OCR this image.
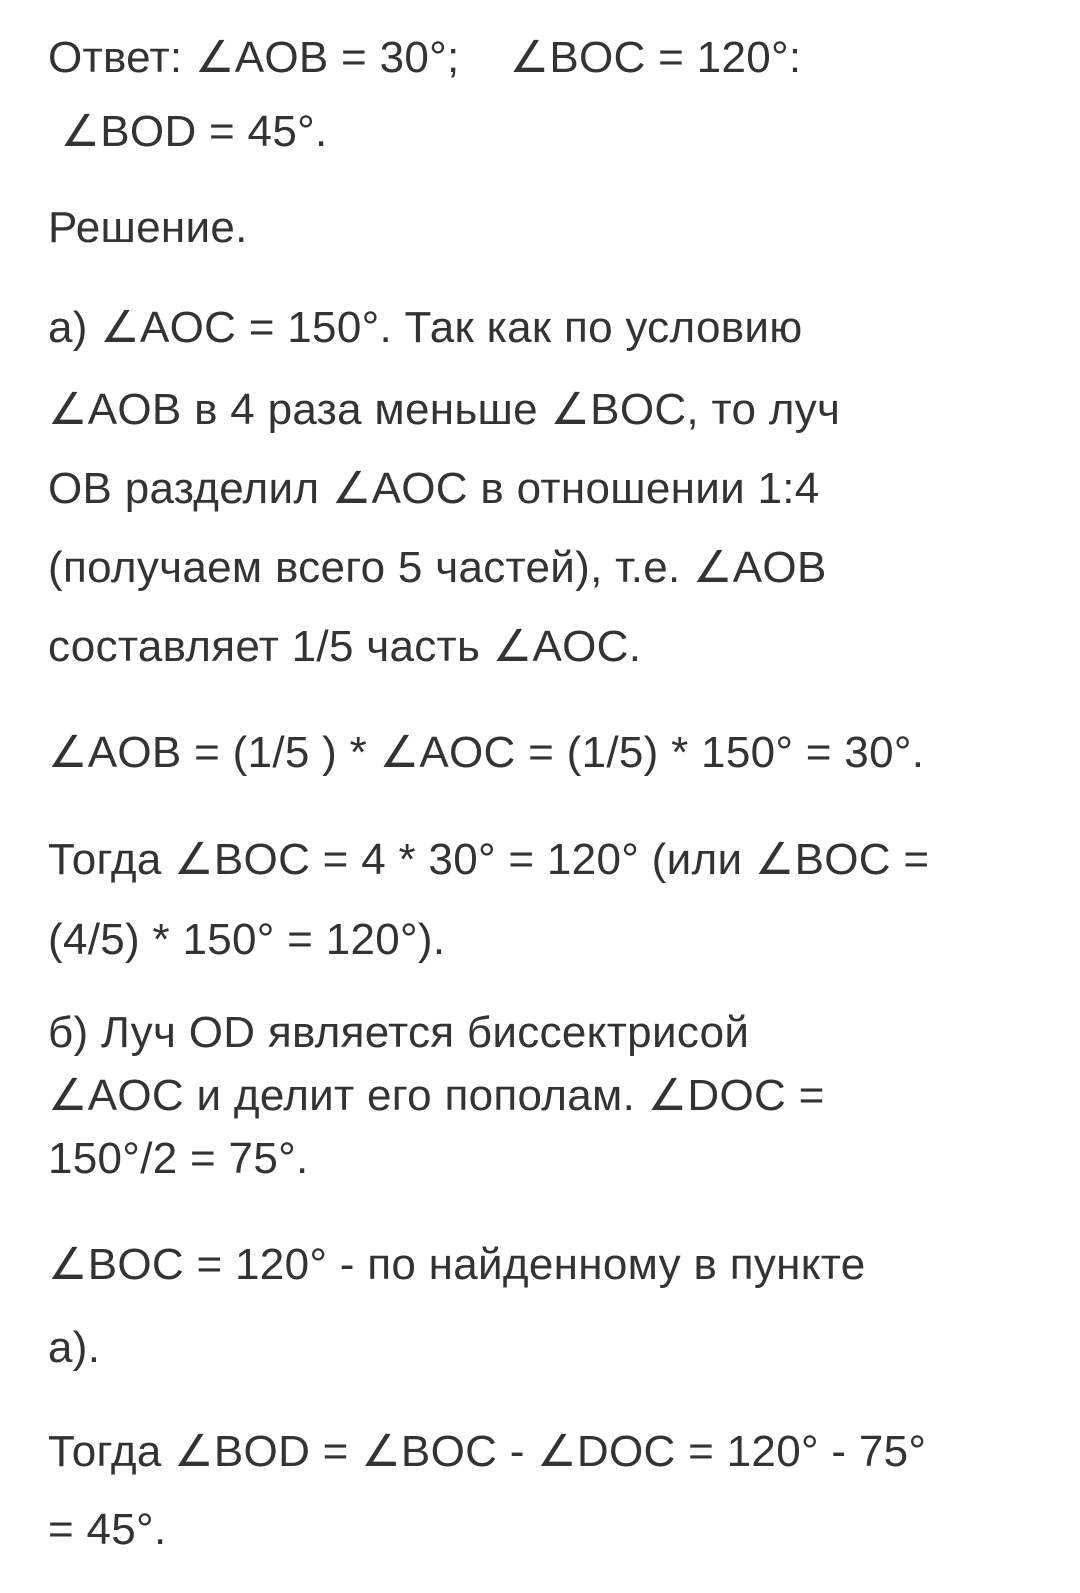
Ответ: ∠AOB = 30°;    ∠BOC = 120°:
∠BOD = 45°.
Решение.
а) ∠AOC = 150°. Так как по условию
∠AOB в 4 раза меньше ∠BOC, то луч
OB разделил ∠AOC в отношении 1:4
(получаем всего 5 частей), т.е. ∠AOB
составляет 1/5 часть ∠AOC.
∠AOB = (1/5 ) * ∠AOC = (1/5) * 150° = 30°.
Тогда ∠BOC = 4 * 30° = 120° (или ∠BOC =
(4/5) * 150° = 120°).
б) Луч OD является биссектрисой
∠AOC и делит его пополам. ∠DOC =
150°/2 = 75°.
∠BOC = 120° - по найденному в пункте
а).
Тогда ∠BOD = ∠BOC - ∠DOC = 120° - 75°
= 45°.
